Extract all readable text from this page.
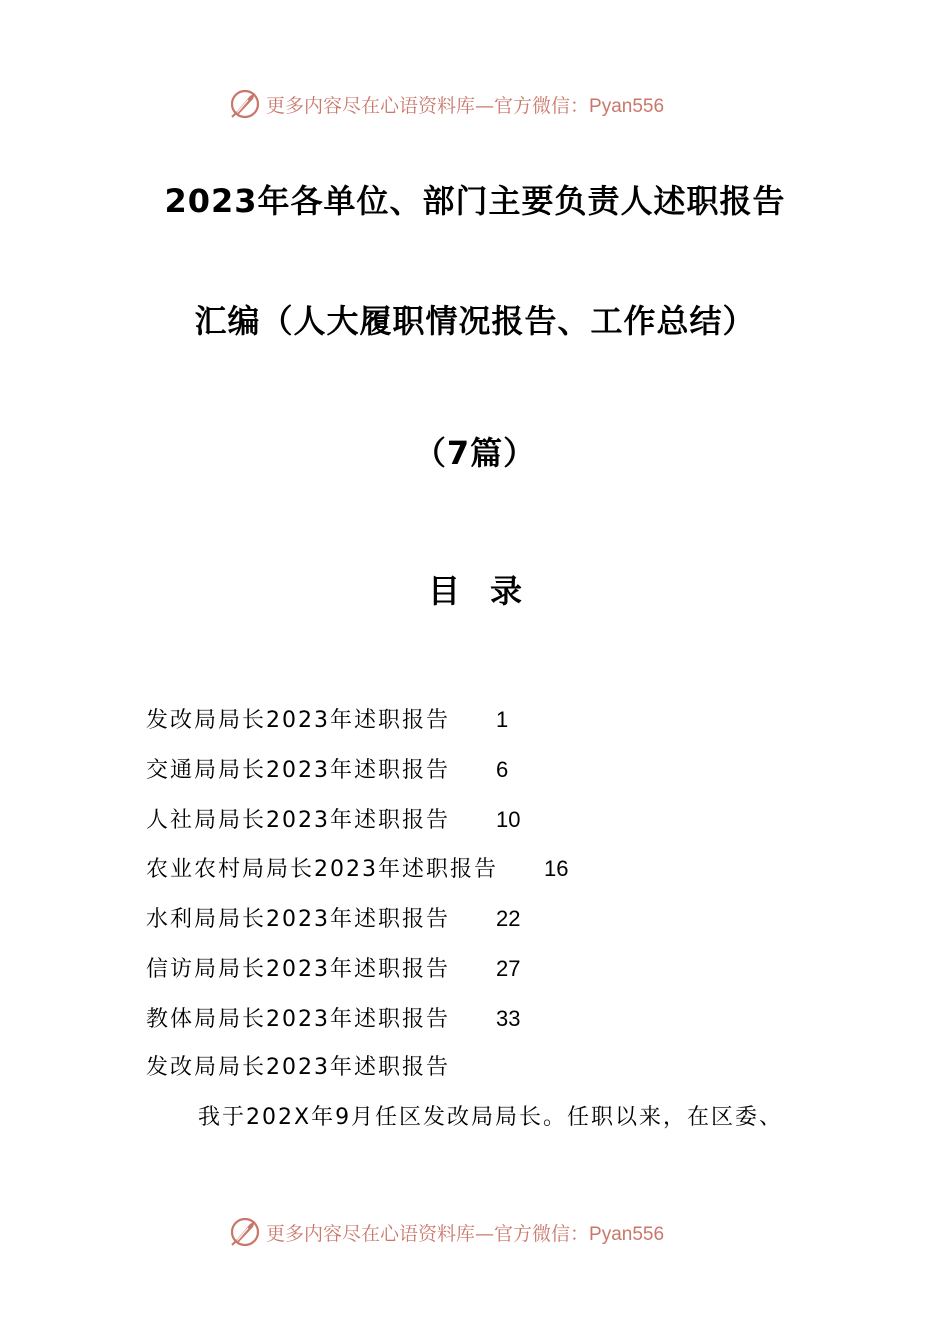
更多内容尽在心语资料库—官方微信：Pyan556
2023年各单位、部门主要负责人述职报告
汇编（人大履职情况报告、工作总结）
（7篇）
目录
发改局局长2023年述职报告 1
交通局局长2023年述职报告 6
人社局局长2023年述职报告 10
农业农村局局长2023年述职报告 16
水利局局长2023年述职报告 22
信访局局长2023年述职报告 27
教体局局长2023年述职报告 33
发改局局长2023年述职报告
我于202X年9月任区发改局局长。任职以来，在区委、
更多内容尽在心语资料库—官方微信：Pyan556
